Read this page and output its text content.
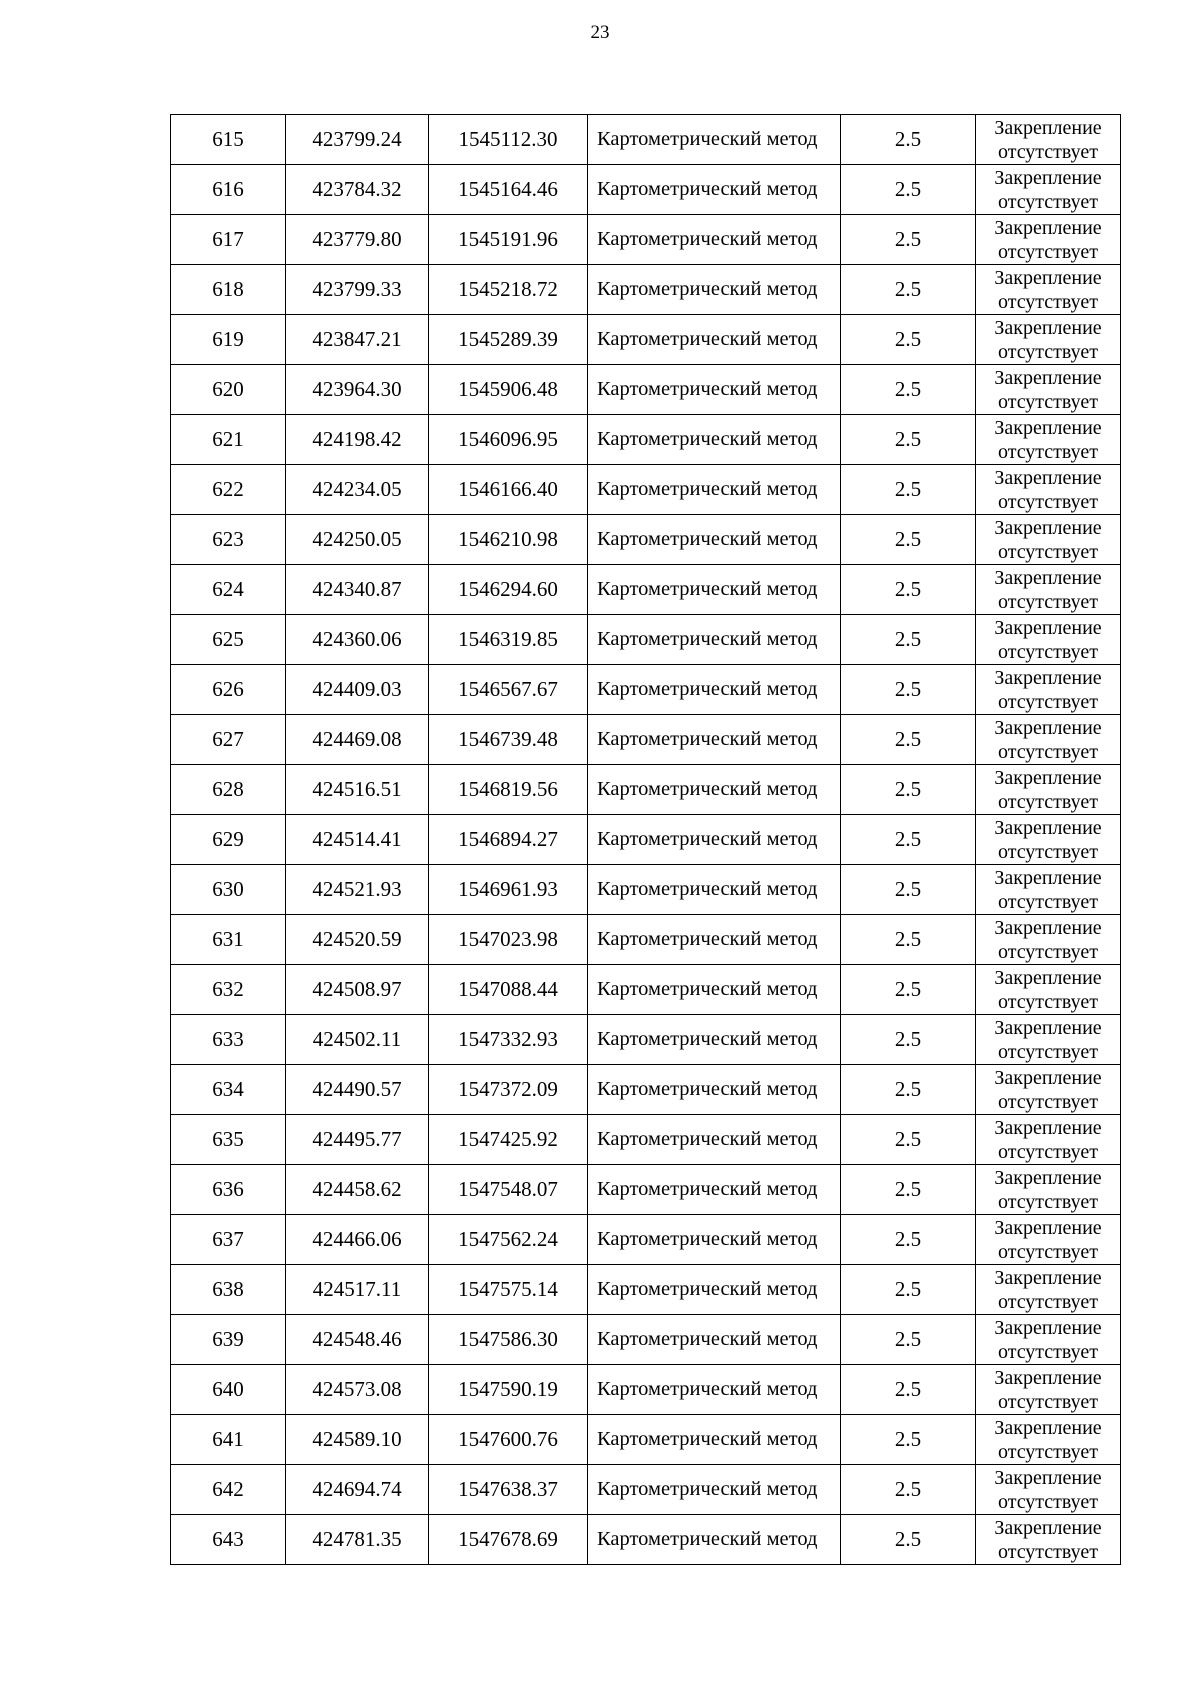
23
615	423799.24	1545112.30	Картометрический метод	2.5	Закрепление
отсутствует

616	423784.32	1545164.46	Картометрический метод	2.5	Закрепление
отсутствует

617	423779.80	1545191.96	Картометрический метод	2.5	Закрепление
отсутствует

618	423799.33	1545218.72	Картометрический метод	2.5	Закрепление
отсутствует

619	423847.21	1545289.39	Картометрический метод	2.5	Закрепление
отсутствует

620	423964.30	1545906.48	Картометрический метод	2.5	Закрепление
отсутствует

621	424198.42	1546096.95	Картометрический метод	2.5	Закрепление
отсутствует

622	424234.05	1546166.40	Картометрический метод	2.5	Закрепление
отсутствует

623	424250.05	1546210.98	Картометрический метод	2.5	Закрепление
отсутствует

624	424340.87	1546294.60	Картометрический метод	2.5	Закрепление
отсутствует

625	424360.06	1546319.85	Картометрический метод	2.5	Закрепление
отсутствует

626	424409.03	1546567.67	Картометрический метод	2.5	Закрепление
отсутствует

627	424469.08	1546739.48	Картометрический метод	2.5	Закрепление
отсутствует

628	424516.51	1546819.56	Картометрический метод	2.5	Закрепление
отсутствует

629	424514.41	1546894.27	Картометрический метод	2.5	Закрепление
отсутствует

630	424521.93	1546961.93	Картометрический метод	2.5	Закрепление
отсутствует

631	424520.59	1547023.98	Картометрический метод	2.5	Закрепление
отсутствует

632	424508.97	1547088.44	Картометрический метод	2.5	Закрепление
отсутствует

633	424502.11	1547332.93	Картометрический метод	2.5	Закрепление
отсутствует

634	424490.57	1547372.09	Картометрический метод	2.5	Закрепление
отсутствует

635	424495.77	1547425.92	Картометрический метод	2.5	Закрепление
отсутствует

636	424458.62	1547548.07	Картометрический метод	2.5	Закрепление
отсутствует

637	424466.06	1547562.24	Картометрический метод	2.5	Закрепление
отсутствует

638	424517.11	1547575.14	Картометрический метод	2.5	Закрепление
отсутствует

639	424548.46	1547586.30	Картометрический метод	2.5	Закрепление
отсутствует

640	424573.08	1547590.19	Картометрический метод	2.5	Закрепление
отсутствует

641	424589.10	1547600.76	Картометрический метод	2.5	Закрепление
отсутствует

642	424694.74	1547638.37	Картометрический метод	2.5	Закрепление
отсутствует

643	424781.35	1547678.69	Картометрический метод	2.5	Закрепление
отсутствует
